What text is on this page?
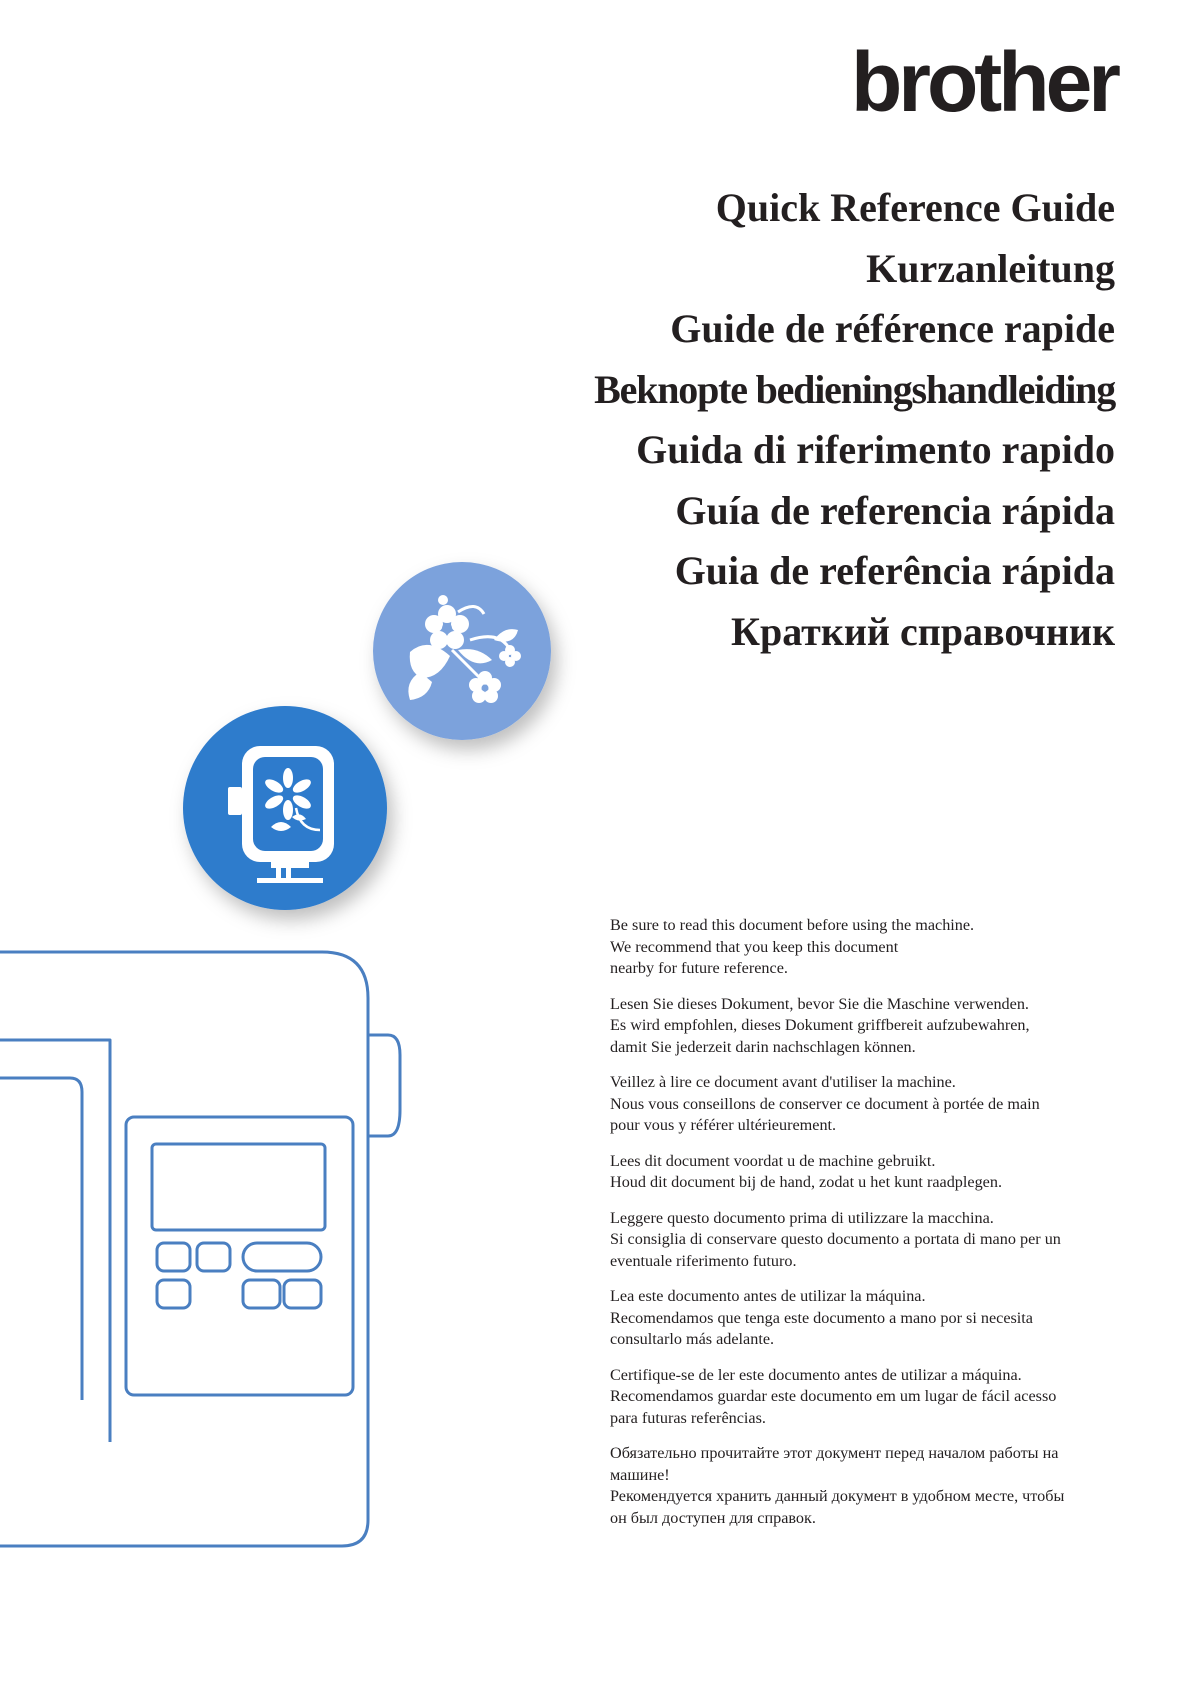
brother
Quick Reference Guide
Kurzanleitung
Guide de référence rapide
Beknopte bedieningshandleiding
Guida di riferimento rapido
Guía de referencia rápida
Guia de referência rápida
Краткий справочник

Be sure to read this document before using the machine.
We recommend that you keep this document
nearby for future reference.

Lesen Sie dieses Dokument, bevor Sie die Maschine verwenden.
Es wird empfohlen, dieses Dokument griffbereit aufzubewahren,
damit Sie jederzeit darin nachschlagen können.

Veillez à lire ce document avant d'utiliser la machine.
Nous vous conseillons de conserver ce document à portée de main
pour vous y référer ultérieurement.

Lees dit document voordat u de machine gebruikt.
Houd dit document bij de hand, zodat u het kunt raadplegen.

Leggere questo documento prima di utilizzare la macchina.
Si consiglia di conservare questo documento a portata di mano per un
eventuale riferimento futuro.

Lea este documento antes de utilizar la máquina.
Recomendamos que tenga este documento a mano por si necesita
consultarlo más adelante.

Certifique-se de ler este documento antes de utilizar a máquina.
Recomendamos guardar este documento em um lugar de fácil acesso
para futuras referências.

Обязательно прочитайте этот документ перед началом работы на
машине!
Рекомендуется хранить данный документ в удобном месте, чтобы
он был доступен для справок.
